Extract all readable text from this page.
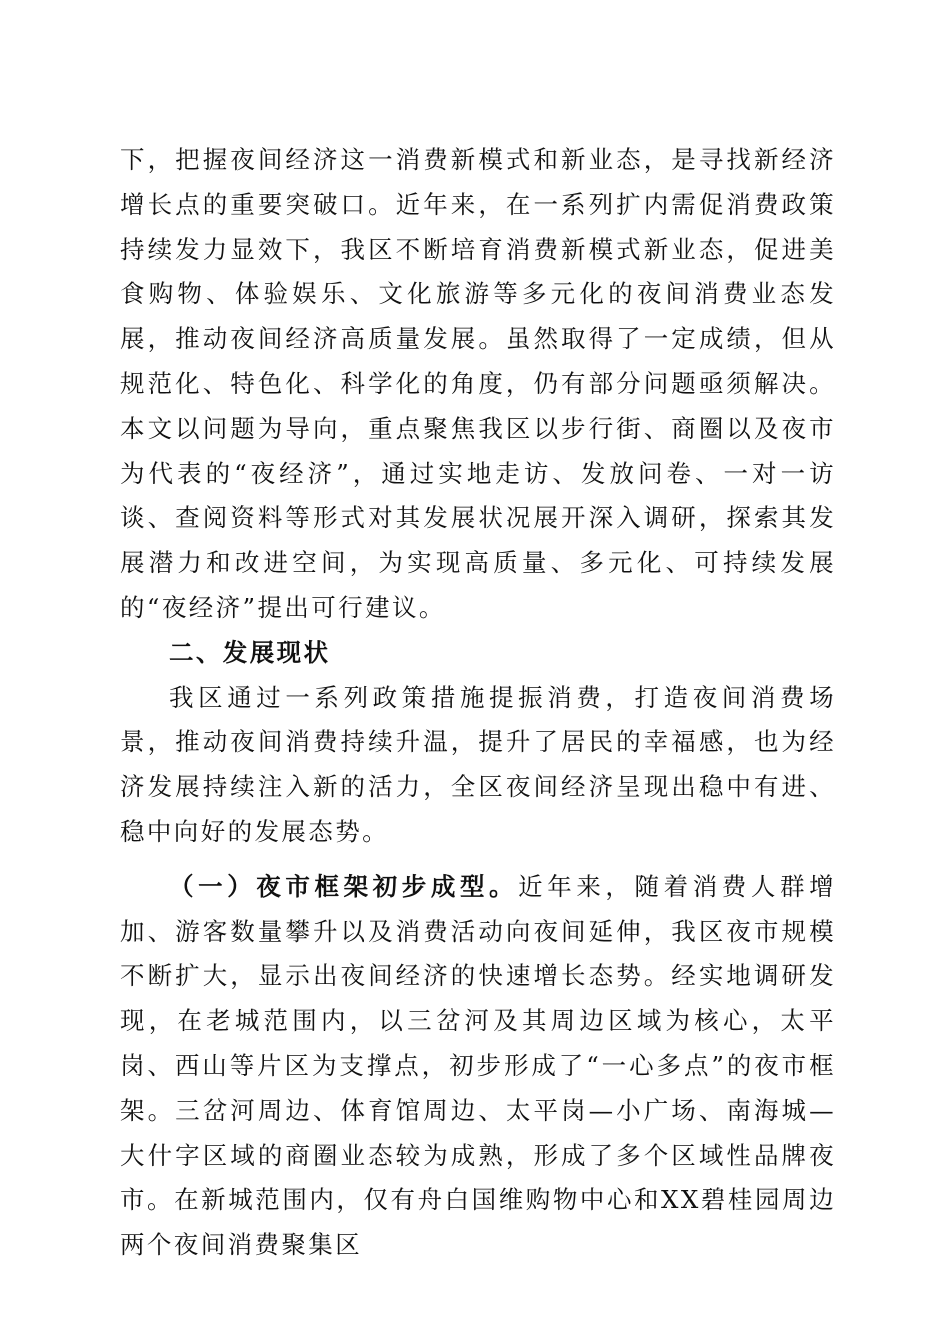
下，把握夜间经济这一消费新模式和新业态，是寻找新经济增长点的重要突破口。近年来，在一系列扩内需促消费政策持续发力显效下，我区不断培育消费新模式新业态，促进美食购物、体验娱乐、文化旅游等多元化的夜间消费业态发展，推动夜间经济高质量发展。虽然取得了一定成绩，但从规范化、特色化、科学化的角度，仍有部分问题亟须解决。本文以问题为导向，重点聚焦我区以步行街、商圈以及夜市为代表的“夜经济”，通过实地走访、发放问卷、一对一访谈、查阅资料等形式对其发展状况展开深入调研，探索其发展潜力和改进空间，为实现高质量、多元化、可持续发展的“夜经济”提出可行建议。

二、发展现状

我区通过一系列政策措施提振消费，打造夜间消费场景，推动夜间消费持续升温，提升了居民的幸福感，也为经济发展持续注入新的活力，全区夜间经济呈现出稳中有进、稳中向好的发展态势。

（一）夜市框架初步成型。近年来，随着消费人群增加、游客数量攀升以及消费活动向夜间延伸，我区夜市规模不断扩大，显示出夜间经济的快速增长态势。经实地调研发现，在老城范围内，以三岔河及其周边区域为核心，太平岗、西山等片区为支撑点，初步形成了“一心多点”的夜市框架。三岔河周边、体育馆周边、太平岗—小广场、南海城—大什字区域的商圈业态较为成熟，形成了多个区域性品牌夜市。在新城范围内，仅有舟白国维购物中心和XX碧桂园周边两个夜间消费聚集区
